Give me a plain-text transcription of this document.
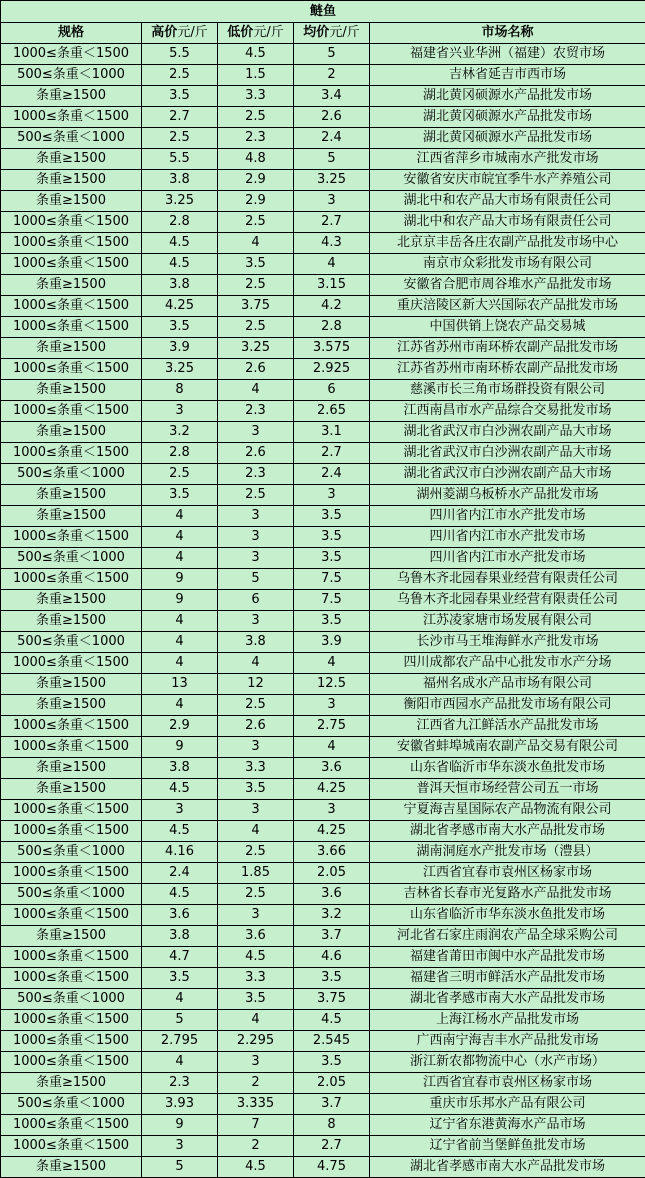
鲢鱼				
规格	高价元/斤	低价元/斤	均价元/斤	市场名称
1000≤条重＜1500	5.5	4.5	5	福建省兴业华洲（福建）农贸市场
500≤条重＜1000	2.5	1.5	2	吉林省延吉市西市场
条重≥1500	3.5	3.3	3.4	湖北黄冈硕源水产品批发市场
1000≤条重＜1500	2.7	2.5	2.6	湖北黄冈硕源水产品批发市场
500≤条重＜1000	2.5	2.3	2.4	湖北黄冈硕源水产品批发市场
条重≥1500	5.5	4.8	5	江西省萍乡市城南水产批发市场
条重≥1500	3.8	2.9	3.25	安徽省安庆市皖宜季牛水产养殖公司
条重≥1500	3.25	2.9	3	湖北中和农产品大市场有限责任公司
1000≤条重＜1500	2.8	2.5	2.7	湖北中和农产品大市场有限责任公司
1000≤条重＜1500	4.5	4	4.3	北京京丰岳各庄农副产品批发市场中心
1000≤条重＜1500	4.5	3.5	4	南京市众彩批发市场有限公司
条重≥1500	3.8	2.5	3.15	安徽省合肥市周谷堆水产品批发市场
1000≤条重＜1500	4.25	3.75	4.2	重庆涪陵区新大兴国际农产品批发市场
1000≤条重＜1500	3.5	2.5	2.8	中国供销上饶农产品交易城
条重≥1500	3.9	3.25	3.575	江苏省苏州市南环桥农副产品批发市场
1000≤条重＜1500	3.25	2.6	2.925	江苏省苏州市南环桥农副产品批发市场
条重≥1500	8	4	6	慈溪市长三角市场群投资有限公司
1000≤条重＜1500	3	2.3	2.65	江西南昌市水产品综合交易批发市场
条重≥1500	3.2	3	3.1	湖北省武汉市白沙洲农副产品大市场
1000≤条重＜1500	2.8	2.6	2.7	湖北省武汉市白沙洲农副产品大市场
500≤条重＜1000	2.5	2.3	2.4	湖北省武汉市白沙洲农副产品大市场
条重≥1500	3.5	2.5	3	湖州菱湖乌板桥水产品批发市场
条重≥1500	4	3	3.5	四川省内江市水产批发市场
1000≤条重＜1500	4	3	3.5	四川省内江市水产批发市场
500≤条重＜1000	4	3	3.5	四川省内江市水产批发市场
1000≤条重＜1500	9	5	7.5	乌鲁木齐北园春果业经营有限责任公司
条重≥1500	9	6	7.5	乌鲁木齐北园春果业经营有限责任公司
条重≥1500	4	3	3.5	江苏凌家塘市场发展有限公司
500≤条重＜1000	4	3.8	3.9	长沙市马王堆海鲜水产批发市场
1000≤条重＜1500	4	4	4	四川成都农产品中心批发市水产分场
条重≥1500	13	12	12.5	福州名成水产品市场有限公司
条重≥1500	4	2.5	3	衡阳市西园水产品批发市场有限公司
1000≤条重＜1500	2.9	2.6	2.75	江西省九江鲜活水产品批发市场
1000≤条重＜1500	9	3	4	安徽省蚌埠城南农副产品交易有限公司
条重≥1500	3.8	3.3	3.6	山东省临沂市华东淡水鱼批发市场
条重≥1500	4.5	3.5	4.25	普洱天恒市场经营公司五一市场
1000≤条重＜1500	3	3	3	宁夏海吉星国际农产品物流有限公司
1000≤条重＜1500	4.5	4	4.25	湖北省孝感市南大水产品批发市场
500≤条重＜1000	4.16	2.5	3.66	湖南洞庭水产批发市场（澧县）
1000≤条重＜1500	2.4	1.85	2.05	江西省宜春市袁州区杨家市场
500≤条重＜1000	4.5	2.5	3.6	吉林省长春市光复路水产品批发市场
1000≤条重＜1500	3.6	3	3.2	山东省临沂市华东淡水鱼批发市场
条重≥1500	3.8	3.6	3.7	河北省石家庄雨润农产品全球采购公司
1000≤条重＜1500	4.7	4.5	4.6	福建省莆田市闽中水产品批发市场
1000≤条重＜1500	3.5	3.3	3.5	福建省三明市鲜活水产品批发市场
500≤条重＜1000	4	3.5	3.75	湖北省孝感市南大水产品批发市场
1000≤条重＜1500	5	4	4.5	上海江杨水产品批发市场
1000≤条重＜1500	2.795	2.295	2.545	广西南宁海吉丰水产品批发市场
1000≤条重＜1500	4	3	3.5	浙江新农都物流中心（水产市场）
条重≥1500	2.3	2	2.05	江西省宜春市袁州区杨家市场
500≤条重＜1000	3.93	3.335	3.7	重庆市乐邦水产品有限公司
1000≤条重＜1500	9	7	8	辽宁省东港黄海水产品市场
1000≤条重＜1500	3	2	2.7	辽宁省前当堡鲜鱼批发市场
条重≥1500	5	4.5	4.75	湖北省孝感市南大水产品批发市场
